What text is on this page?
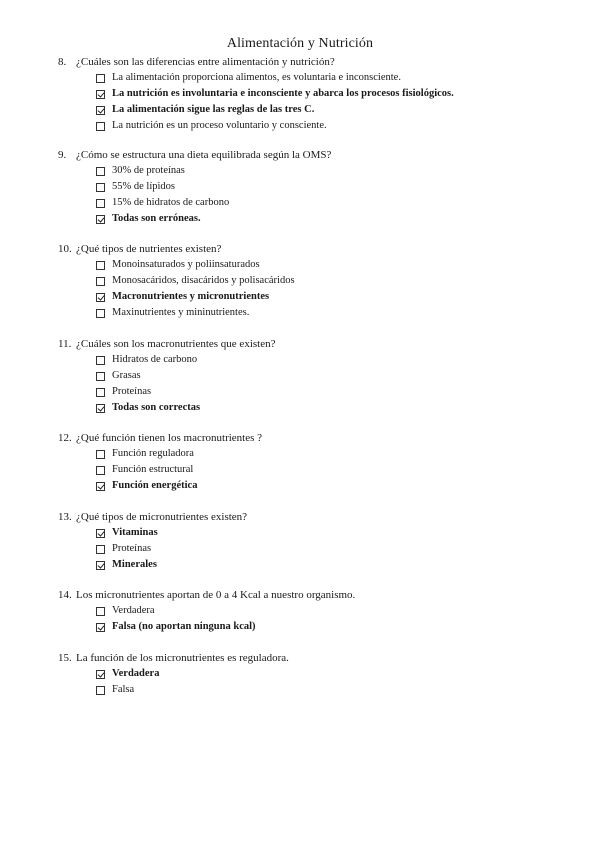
Alimentación y Nutrición
8. ¿Cuáles son las diferencias entre alimentación y nutrición?
La alimentación proporciona alimentos, es voluntaria e inconsciente.
La nutrición es involuntaria e inconsciente y abarca los procesos fisiológicos.
La alimentación sigue las reglas de las tres C.
La nutrición es un proceso voluntario y consciente.
9. ¿Cómo se estructura una dieta equilibrada según la OMS?
30% de proteínas
55% de lípidos
15% de hidratos de carbono
Todas son erróneas.
10. ¿Qué tipos de nutrientes existen?
Monoinsaturados y poliinsaturados
Monosacáridos, disacáridos y polisacáridos
Macronutrientes y micronutrientes
Maxinutrientes y mininutrientes.
11. ¿Cuáles son los macronutrientes que existen?
Hidratos de carbono
Grasas
Proteínas
Todas son correctas
12. ¿Qué función tienen los macronutrientes ?
Función reguladora
Función estructural
Función energética
13. ¿Qué tipos de micronutrientes existen?
Vitaminas
Proteínas
Minerales
14. Los micronutrientes aportan de 0 a 4 Kcal a nuestro organismo.
Verdadera
Falsa (no aportan ninguna kcal)
15. La función de los micronutrientes es reguladora.
Verdadera
Falsa
